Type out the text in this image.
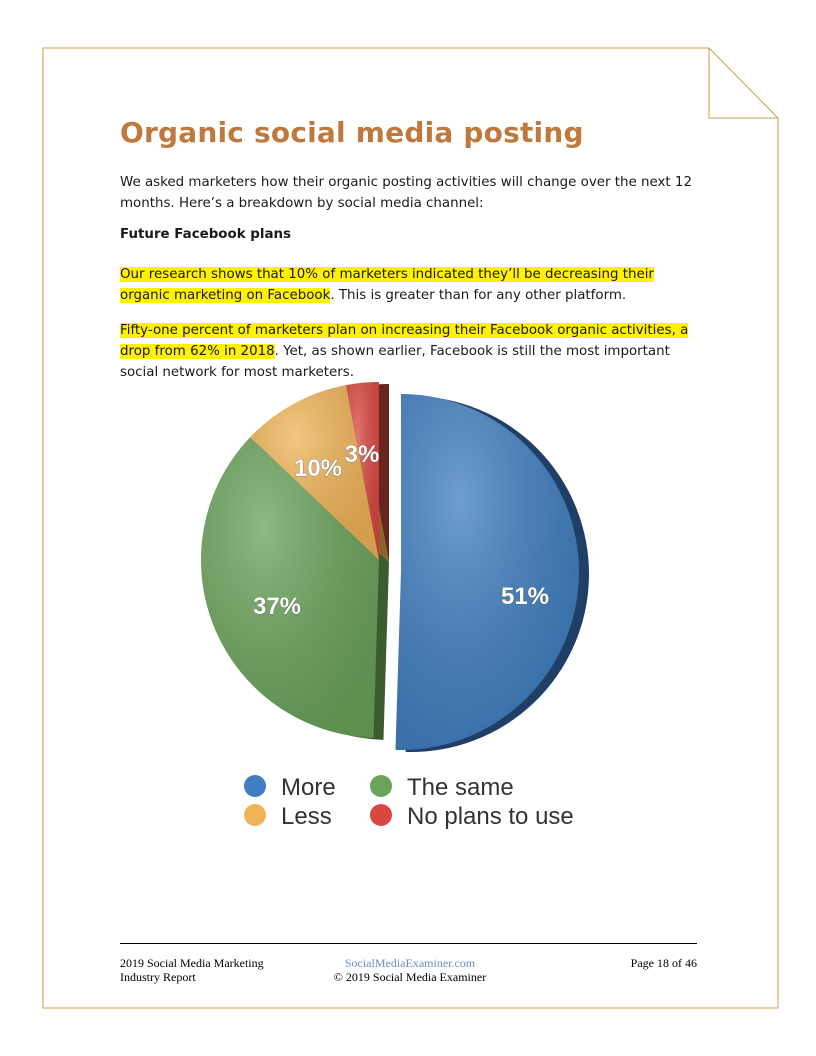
Organic social media posting

We asked marketers how their organic posting activities will change over the next 12 months. Here’s a breakdown by social media channel:

Future Facebook plans

Our research shows that 10% of marketers indicated they’ll be decreasing their organic marketing on Facebook. This is greater than for any other platform.

Fifty-one percent of marketers plan on increasing their Facebook organic activities, a drop from 62% in 2018. Yet, as shown earlier, Facebook is still the most important social network for most marketers.

51%
37%
10%
3%
More	The same
Less	No plans to use
2019 Social Media Marketing
Industry Report
SocialMediaExaminer.com
© 2019 Social Media Examiner
Page 18 of 46
